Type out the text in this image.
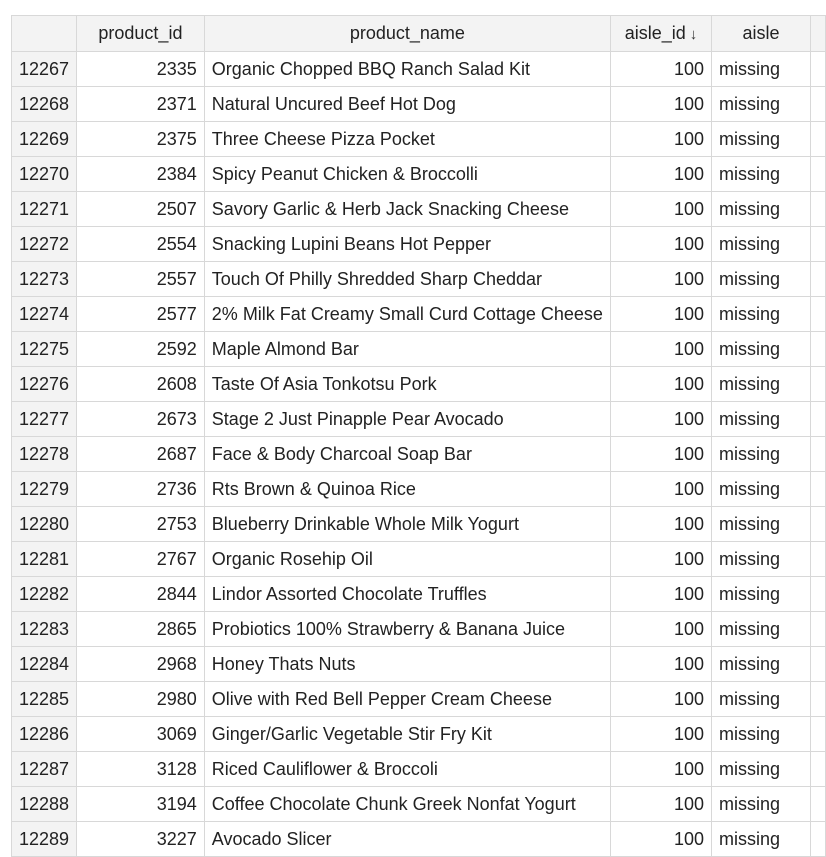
	product_id	product_name	aisle_id ↓	aisle	
12267	2335	Organic Chopped BBQ Ranch Salad Kit	100	missing	
12268	2371	Natural Uncured Beef Hot Dog	100	missing	
12269	2375	Three Cheese Pizza Pocket	100	missing	
12270	2384	Spicy Peanut Chicken & Broccolli	100	missing	
12271	2507	Savory Garlic & Herb Jack Snacking Cheese	100	missing	
12272	2554	Snacking Lupini Beans Hot Pepper	100	missing	
12273	2557	Touch Of Philly Shredded Sharp Cheddar	100	missing	
12274	2577	2% Milk Fat Creamy Small Curd Cottage Cheese	100	missing	
12275	2592	Maple Almond Bar	100	missing	
12276	2608	Taste Of Asia Tonkotsu Pork	100	missing	
12277	2673	Stage 2 Just Pinapple Pear Avocado	100	missing	
12278	2687	Face & Body Charcoal Soap Bar	100	missing	
12279	2736	Rts Brown & Quinoa Rice	100	missing	
12280	2753	Blueberry Drinkable Whole Milk Yogurt	100	missing	
12281	2767	Organic Rosehip Oil	100	missing	
12282	2844	Lindor Assorted Chocolate Truffles	100	missing	
12283	2865	Probiotics 100% Strawberry & Banana Juice	100	missing	
12284	2968	Honey Thats Nuts	100	missing	
12285	2980	Olive with Red Bell Pepper Cream Cheese	100	missing	
12286	3069	Ginger/Garlic Vegetable Stir Fry Kit	100	missing	
12287	3128	Riced Cauliflower & Broccoli	100	missing	
12288	3194	Coffee Chocolate Chunk Greek Nonfat Yogurt	100	missing	
12289	3227	Avocado Slicer	100	missing	
